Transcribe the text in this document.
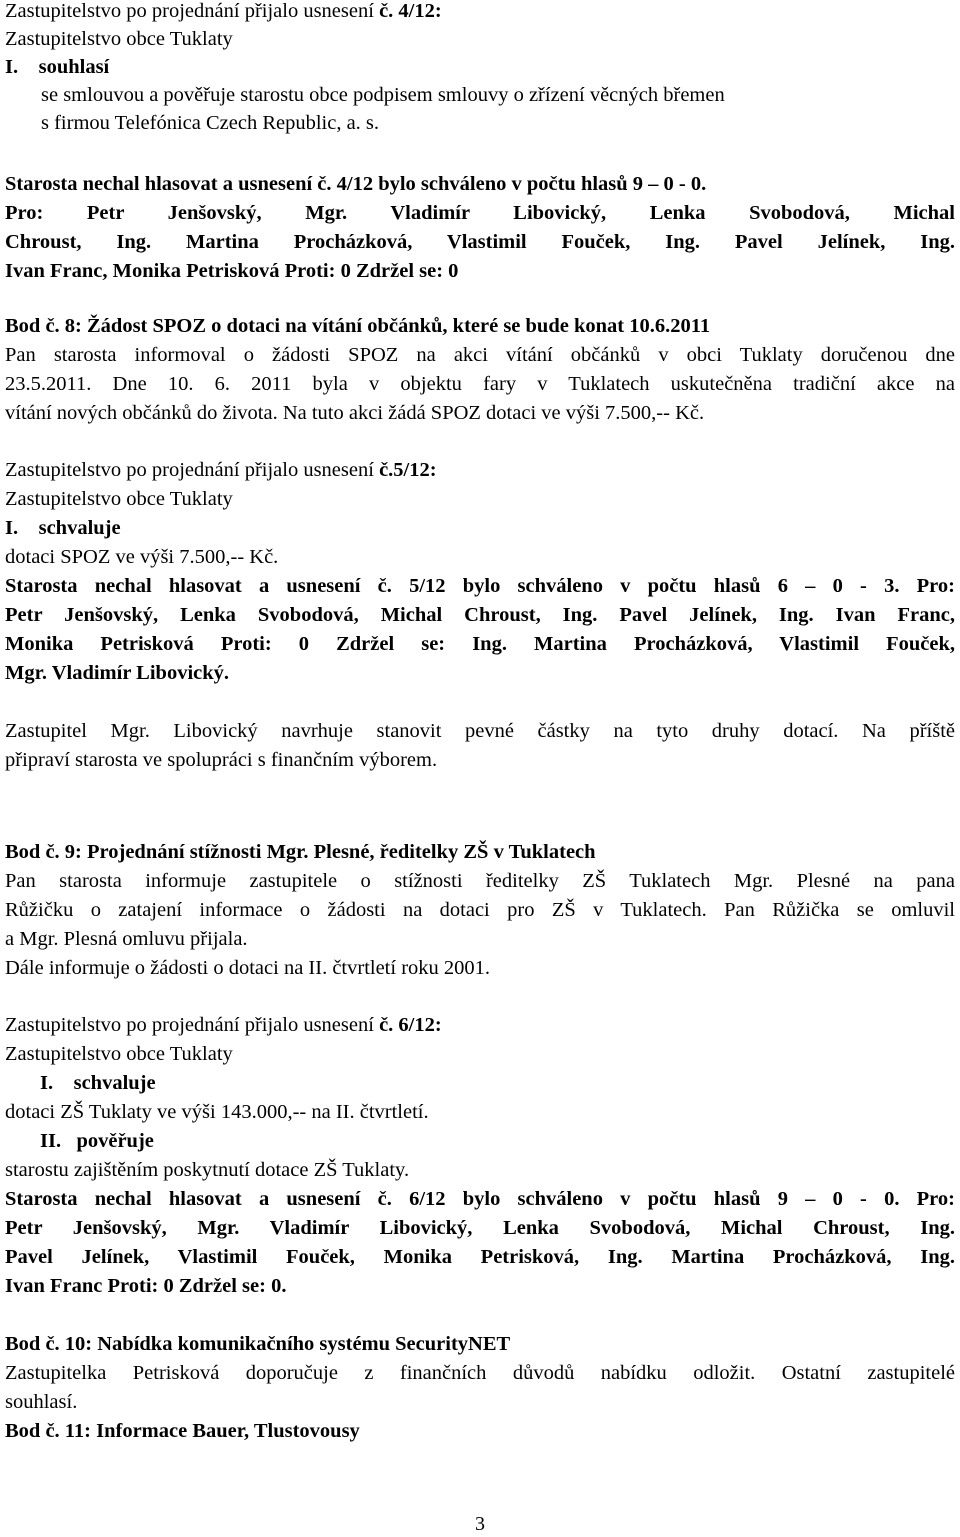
Zastupitelstvo po projednání přijalo usnesení č. 4/12:
Zastupitelstvo obce Tuklaty
I.    souhlasí
se smlouvou a pověřuje starostu obce podpisem smlouvy o zřízení věcných břemen
s firmou Telefónica Czech Republic, a. s.
Starosta nechal hlasovat a usnesení č. 4/12 bylo schváleno v počtu hlasů 9 – 0 - 0.
Pro: Petr Jenšovský, Mgr. Vladimír Libovický, Lenka Svobodová, Michal
Chroust, Ing. Martina Procházková, Vlastimil Fouček, Ing. Pavel Jelínek, Ing.
Ivan Franc, Monika Petrisková Proti: 0 Zdržel se: 0
Bod č. 8: Žádost SPOZ o dotaci na vítání občánků, které se bude konat 10.6.2011
Pan starosta informoval o žádosti SPOZ na akci vítání občánků v obci Tuklaty doručenou dne
23.5.2011. Dne 10. 6. 2011 byla v objektu fary v Tuklatech uskutečněna tradiční akce na
vítání nových občánků do života. Na tuto akci žádá SPOZ dotaci ve výši 7.500,-- Kč.
Zastupitelstvo po projednání přijalo usnesení č.5/12:
Zastupitelstvo obce Tuklaty
I.    schvaluje
dotaci SPOZ ve výši 7.500,-- Kč.
Starosta nechal hlasovat a usnesení č. 5/12 bylo schváleno v počtu hlasů 6 – 0 - 3. Pro:
Petr Jenšovský, Lenka Svobodová, Michal Chroust, Ing. Pavel Jelínek, Ing. Ivan Franc,
Monika Petrisková Proti: 0 Zdržel se: Ing. Martina Procházková, Vlastimil Fouček,
Mgr. Vladimír Libovický.
Zastupitel Mgr. Libovický navrhuje stanovit pevné částky na tyto druhy dotací. Na příště
připraví starosta ve spolupráci s finančním výborem.
Bod č. 9: Projednání stížnosti Mgr. Plesné, ředitelky ZŠ v Tuklatech
Pan starosta informuje zastupitele o stížnosti ředitelky ZŠ Tuklatech Mgr. Plesné na pana
Růžičku o zatajení informace o žádosti na dotaci pro ZŠ v Tuklatech. Pan Růžička se omluvil
a Mgr. Plesná omluvu přijala.
Dále informuje o žádosti o dotaci na II. čtvrtletí roku 2001.
Zastupitelstvo po projednání přijalo usnesení č. 6/12:
Zastupitelstvo obce Tuklaty
I.    schvaluje
dotaci ZŠ Tuklaty ve výši 143.000,-- na II. čtvrtletí.
II.   pověřuje
starostu zajištěním poskytnutí dotace ZŠ Tuklaty.
Starosta nechal hlasovat a usnesení č. 6/12 bylo schváleno v počtu hlasů 9 – 0 - 0. Pro:
Petr Jenšovský, Mgr. Vladimír Libovický, Lenka Svobodová, Michal Chroust, Ing.
Pavel Jelínek, Vlastimil Fouček, Monika Petrisková, Ing. Martina Procházková, Ing.
Ivan Franc Proti: 0 Zdržel se: 0.
Bod č. 10: Nabídka komunikačního systému SecurityNET
Zastupitelka Petrisková doporučuje z finančních důvodů nabídku odložit. Ostatní zastupitelé
souhlasí.
Bod č. 11: Informace Bauer, Tlustovousy
3
